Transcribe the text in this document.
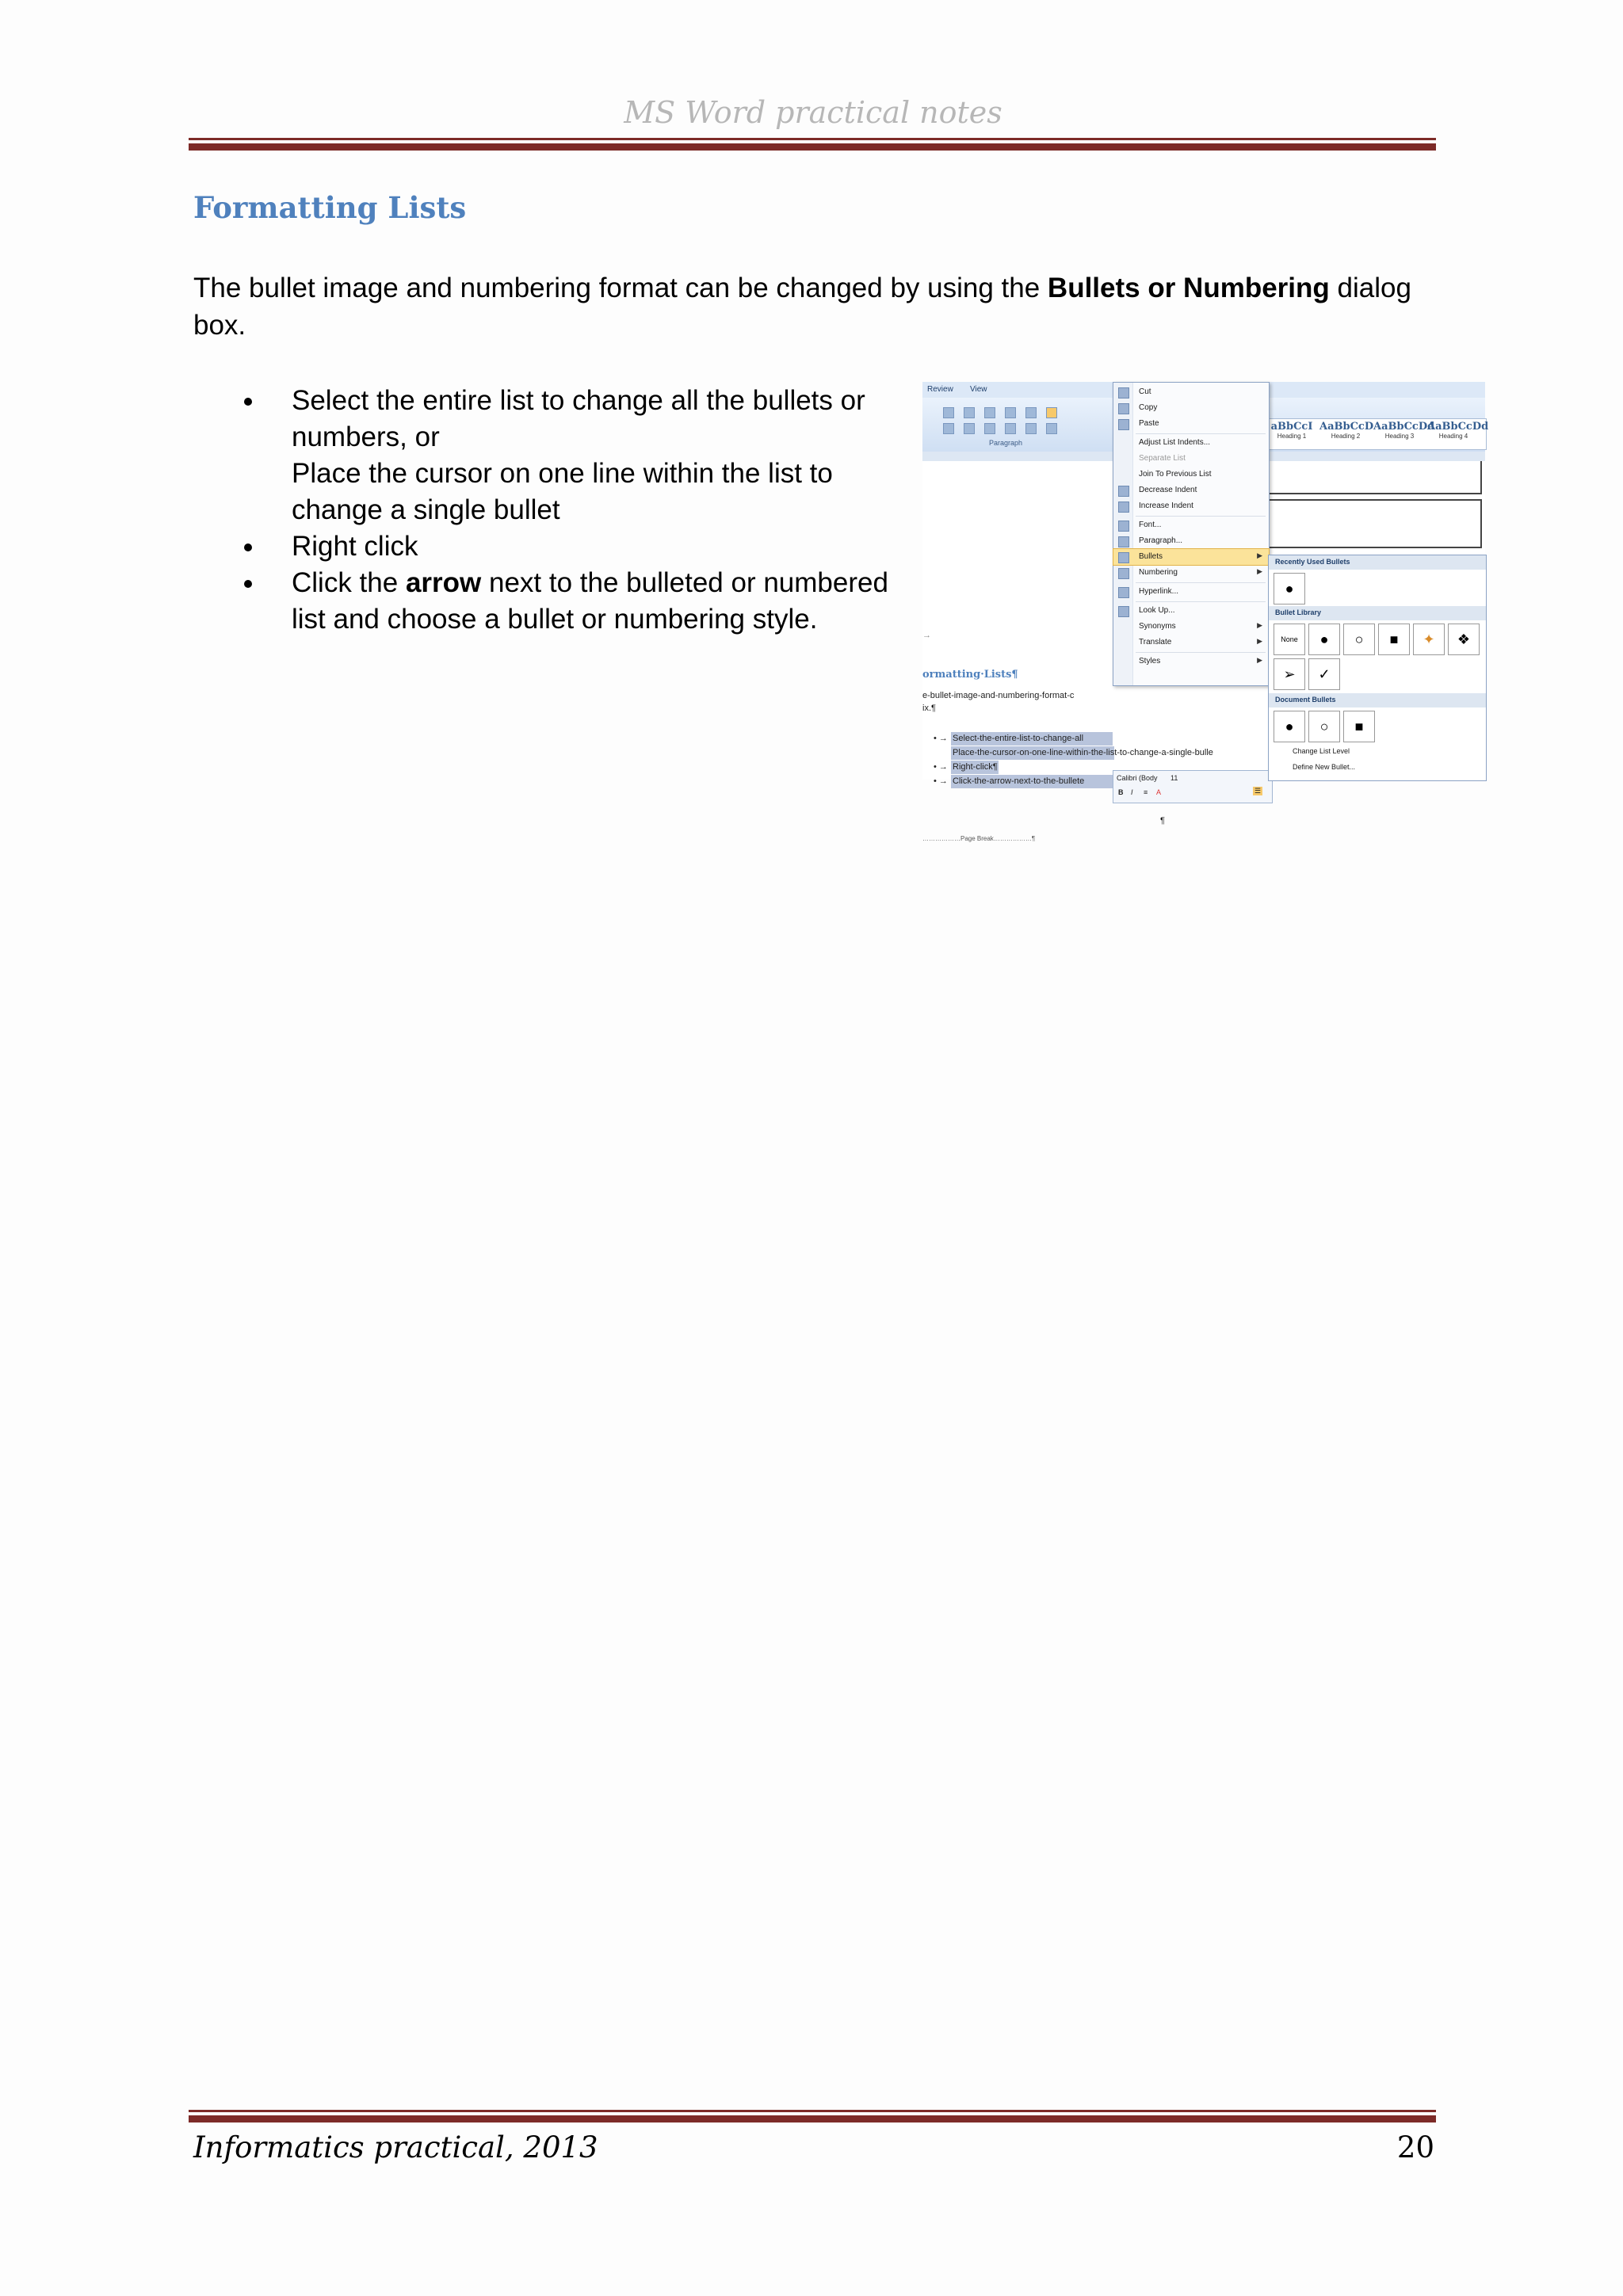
MS Word practical notes
Formatting Lists
The bullet image and numbering format can be changed by using the Bullets or Numbering dialog box.
Select the entire list to change all the bullets or numbers, or
Place the cursor on one line within the list to change a single bullet
Right click
Click the arrow next to the bulleted or numbered list and choose a bullet or numbering style.
Review View
Paragraph
aBbCcI
Heading 1
AaBbCcD
Heading 2
AaBbCcDd
Heading 3
AaBbCcDd
Heading 4
→
ormatting·Lists¶
e-bullet-image-and-numbering-format-c
ix.¶
• → Select-the-entire-list-to-change-all
Place-the-cursor-on-one-line-within-the-list-to-change-a-single-bulle
• → Right-click¶
• → Click-the-arrow-next-to-the-bullete
¶
………………Page Break………………¶
Calibri (Body 11
B I ≡ A	☰
Cut
Copy
Paste
Adjust List Indents...
Separate List
Join To Previous List
Decrease Indent
Increase Indent
Font...
Paragraph...
Bullets	▶
Numbering	▶
Hyperlink...
Look Up...
Synonyms	▶
Translate	▶
Styles	▶
Recently Used Bullets
●
Bullet Library
None	●	○	■	✦	❖
➢	✓
Document Bullets
●	○	■
Change List Level
Define New Bullet...
Informatics practical, 2013	20
